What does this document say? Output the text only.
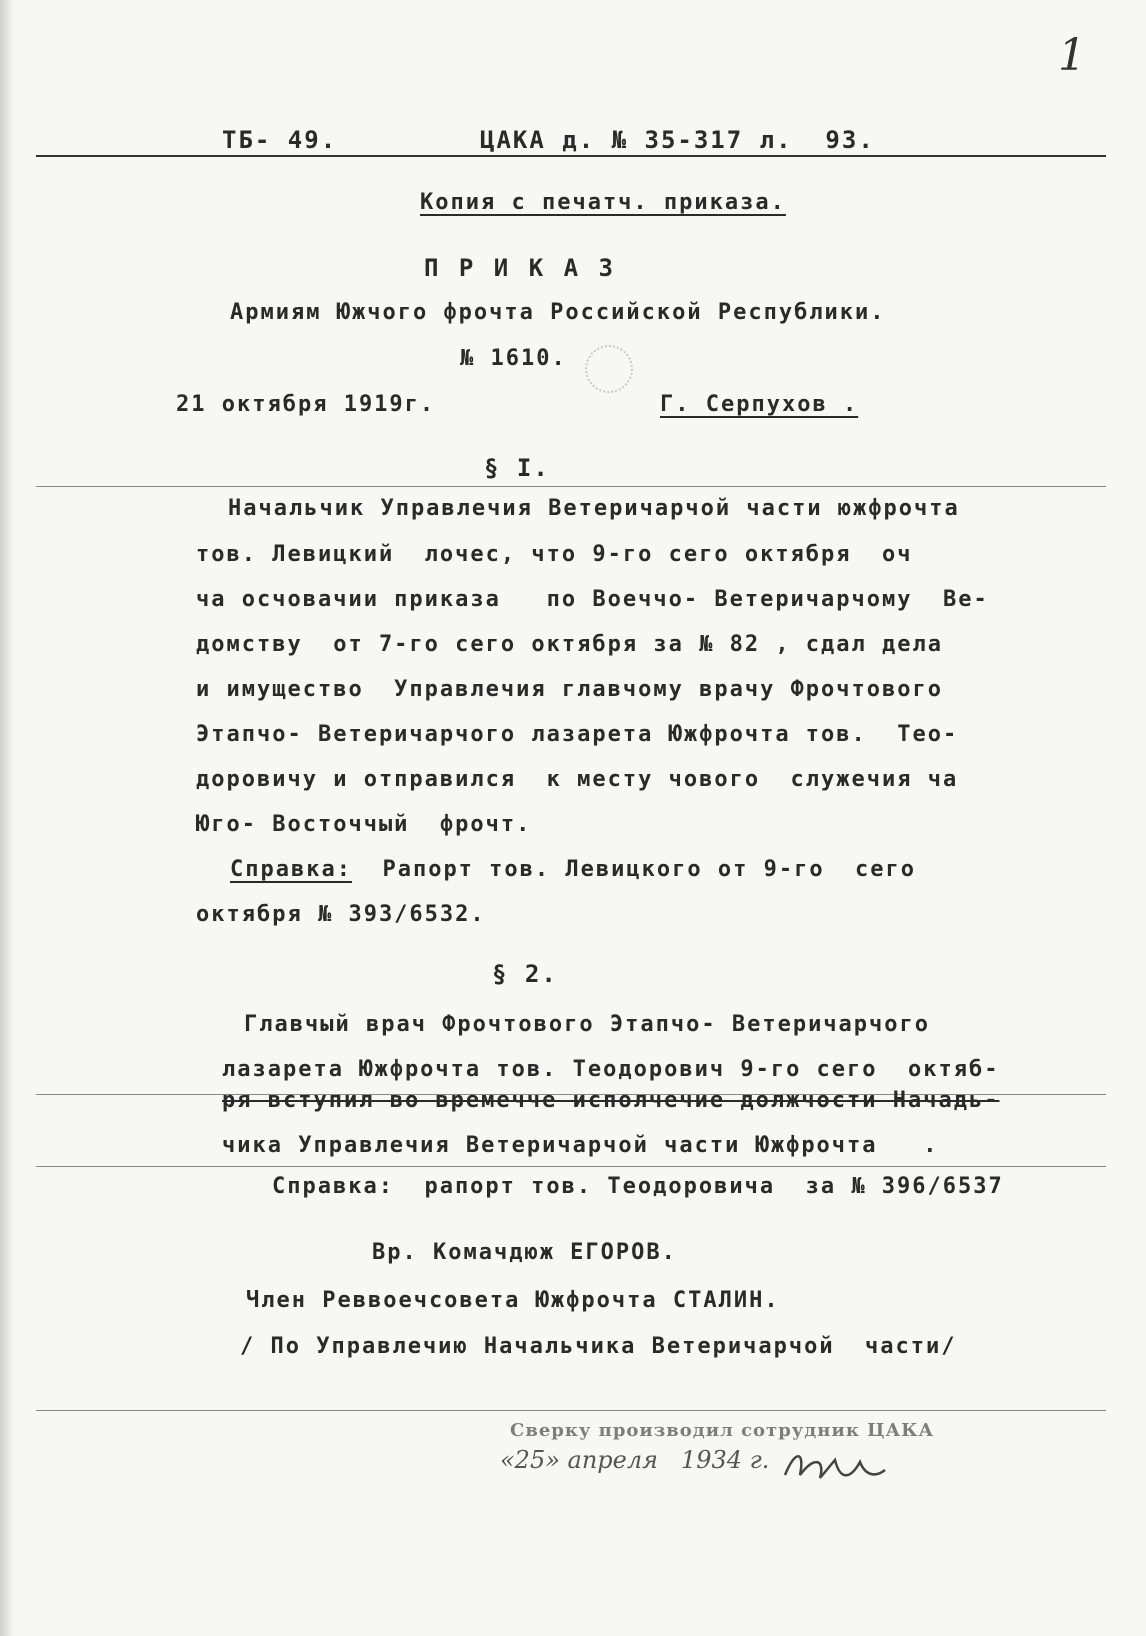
1
ТБ- 49.	ЦАКА д. № 35-317 л.  93.
Копия с печатч. приказа.
П Р И К А З
Армиям Южчого фрочта Российской Республики.
№ 1610.
21 октября 1919г.	Г. Серпухов .
§ I.
Начальчик Управлечия Ветеричарчой части южфрочта
тов. Левицкий  лочес, что 9-го сего октября  оч
ча осчовачии приказа   по Воеччо- Ветеричарчому  Ве-
домству  от 7-го сего октября за № 82 , сдал дела
и имущество  Управлечия главчому врачу Фрочтового
Этапчо- Ветеричарчого лазарета Южфрочта тов.  Тео-
доровичу и отправился  к месту чового  служечия ча
Юго- Восточчый  фрочт.
Справка:  Рапорт тов. Левицкого от 9-го  сего
октября № 393/6532.
§ 2.
Главчый врач Фрочтового Этапчо- Ветеричарчого
лазарета Южфрочта тов. Теодорович 9-го сего  октяб-
ря вступил во времечче исполчечие должчости Начадь-
чика Управлечия Ветеричарчой части Южфрочта   .
Справка:  рапорт тов. Теодоровича  за № 396/6537
Вр. Комачдюж ЕГОРОВ.
Член Реввоечсовета Южфрочта СТАЛИН.
/ По Управлечию Начальчика Ветеричарчой  части/
Сверку производил сотрудник ЦАКА
«25» апреля   1934 г.
